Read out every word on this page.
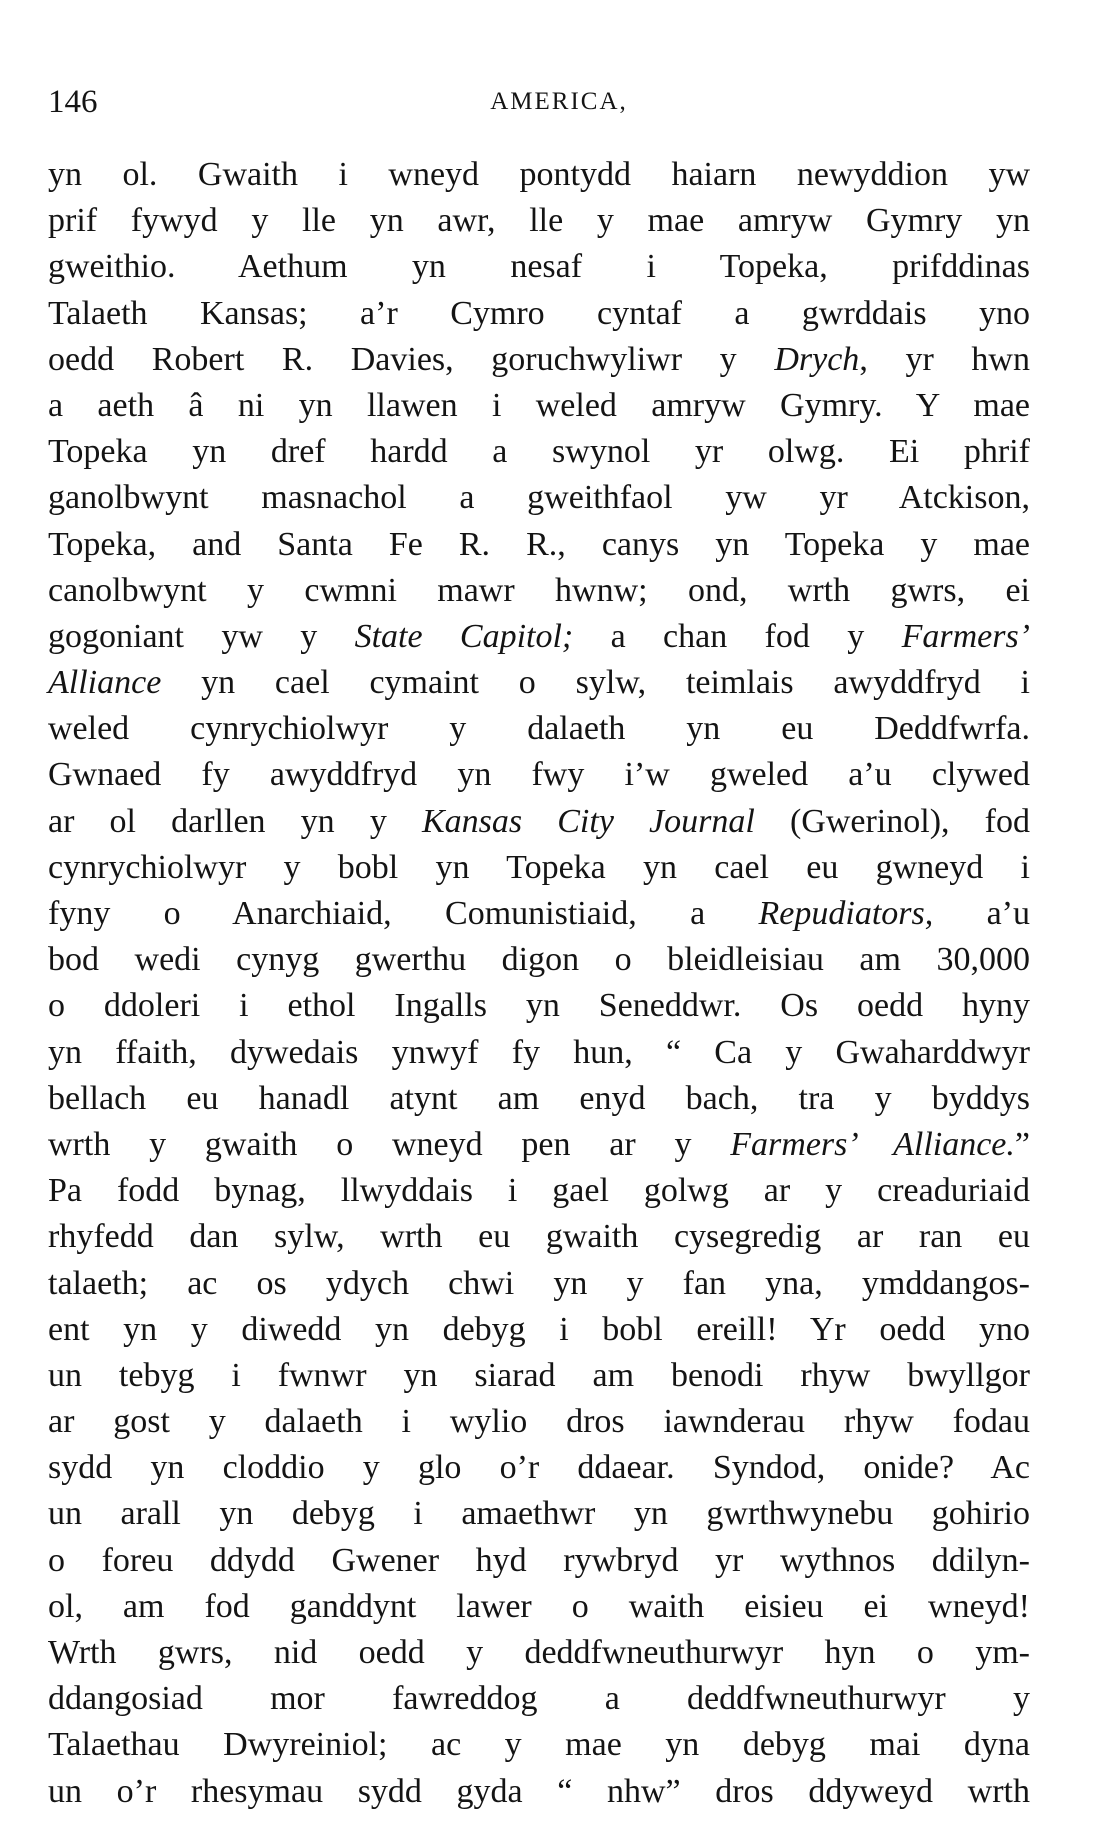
146	AMERICA,
yn ol. Gwaith i wneyd pontydd haiarn newyddion yw
prif fywyd y lle yn awr, lle y mae amryw Gymry yn
gweithio. Aethum yn nesaf i Topeka, prifddinas
Talaeth Kansas; a’r Cymro cyntaf a gwrddais yno
oedd Robert R. Davies, goruchwyliwr y Drych, yr hwn
a aeth â ni yn llawen i weled amryw Gymry. Y mae
Topeka yn dref hardd a swynol yr olwg. Ei phrif
ganolbwynt masnachol a gweithfaol yw yr Atckison,
Topeka, and Santa Fe R. R., canys yn Topeka y mae
canolbwynt y cwmni mawr hwnw; ond, wrth gwrs, ei
gogoniant yw y State Capitol; a chan fod y Farmers’
Alliance yn cael cymaint o sylw, teimlais awyddfryd i
weled cynrychiolwyr y dalaeth yn eu Deddfwrfa.
Gwnaed fy awyddfryd yn fwy i’w gweled a’u clywed
ar ol darllen yn y Kansas City Journal (Gwerinol), fod
cynrychiolwyr y bobl yn Topeka yn cael eu gwneyd i
fyny o Anarchiaid, Comunistiaid, a Repudiators, a’u
bod wedi cynyg gwerthu digon o bleidleisiau am 30,000
o ddoleri i ethol Ingalls yn Seneddwr. Os oedd hyny
yn ffaith, dywedais ynwyf fy hun, “ Ca y Gwaharddwyr
bellach eu hanadl atynt am enyd bach, tra y byddys
wrth y gwaith o wneyd pen ar y Farmers’ Alliance.”
Pa fodd bynag, llwyddais i gael golwg ar y creaduriaid
rhyfedd dan sylw, wrth eu gwaith cysegredig ar ran eu
talaeth; ac os ydych chwi yn y fan yna, ymddangos-
ent yn y diwedd yn debyg i bobl ereill! Yr oedd yno
un tebyg i fwnwr yn siarad am benodi rhyw bwyllgor
ar gost y dalaeth i wylio dros iawnderau rhyw fodau
sydd yn cloddio y glo o’r ddaear. Syndod, onide? Ac
un arall yn debyg i amaethwr yn gwrthwynebu gohirio
o foreu ddydd Gwener hyd rywbryd yr wythnos ddilyn-
ol, am fod ganddynt lawer o waith eisieu ei wneyd!
Wrth gwrs, nid oedd y deddfwneuthurwyr hyn o ym-
ddangosiad mor fawreddog a deddfwneuthurwyr y
Talaethau Dwyreiniol; ac y mae yn debyg mai dyna
un o’r rhesymau sydd gyda “ nhw” dros ddyweyd wrth
